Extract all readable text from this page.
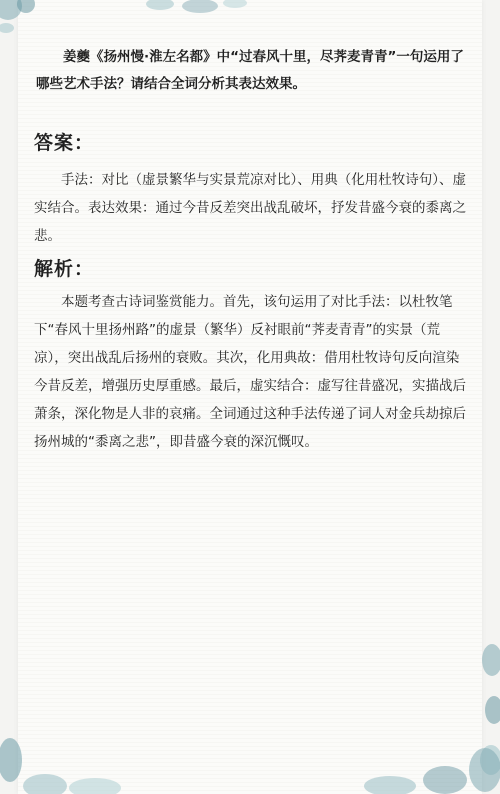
姜夔《扬州慢·淮左名都》中“过春风十里，尽荠麦青青”一句运用了哪些艺术手法？请结合全词分析其表达效果。

答案：

手法：对比（虚景繁华与实景荒凉对比）、用典（化用杜牧诗句）、虚实结合。表达效果：通过今昔反差突出战乱破坏，抒发昔盛今衰的黍离之悲。

解析：

本题考查古诗词鉴赏能力。首先，该句运用了对比手法：以杜牧笔下“春风十里扬州路”的虚景（繁华）反衬眼前“荠麦青青”的实景（荒凉），突出战乱后扬州的衰败。其次，化用典故：借用杜牧诗句反向渲染今昔反差，增强历史厚重感。最后，虚实结合：虚写往昔盛况，实描战后萧条，深化物是人非的哀痛。全词通过这种手法传递了词人对金兵劫掠后扬州城的“黍离之悲”，即昔盛今衰的深沉慨叹。
